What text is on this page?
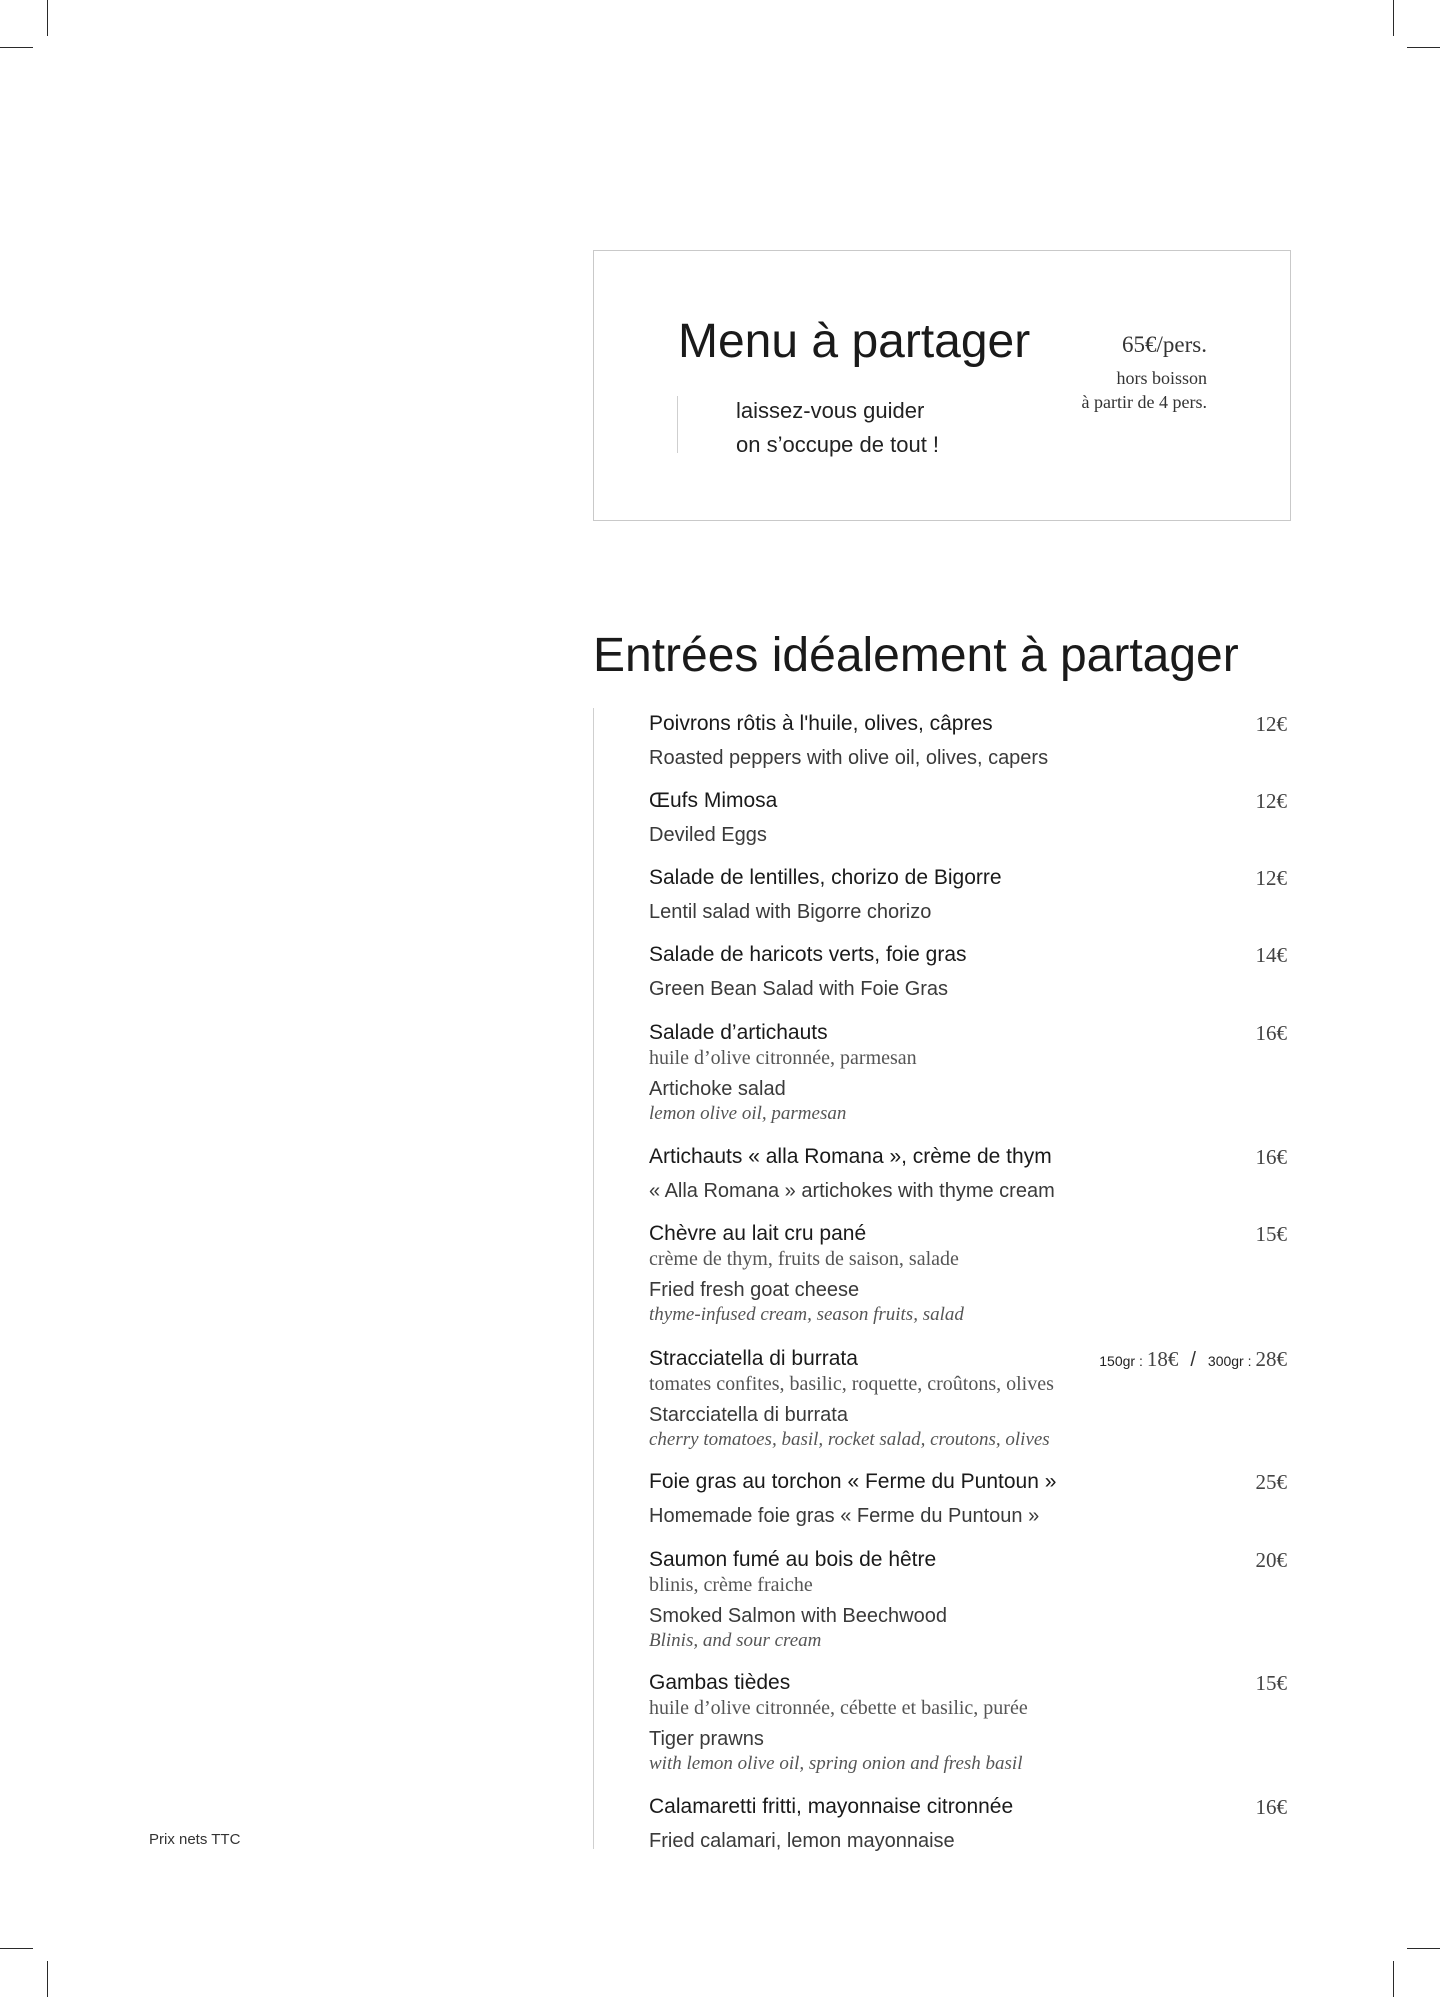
Menu à partager	65€/pers.
hors boisson
à partir de 4 pers.
laissez-vous guider
on s’occupe de tout !
Entrées idéalement à partager
Poivrons rôtis à l'huile, olives, câpres
Roasted peppers with olive oil, olives, capers
12€
Œufs Mimosa
Deviled Eggs
12€
Salade de lentilles, chorizo de Bigorre
Lentil salad with Bigorre chorizo
12€
Salade de haricots verts, foie gras
Green Bean Salad with Foie Gras
14€
Salade d’artichauts
huile d’olive citronnée, parmesan
Artichoke salad
lemon olive oil, parmesan
16€
Artichauts « alla Romana », crème de thym
« Alla Romana » artichokes with thyme cream
16€
Chèvre au lait cru pané
crème de thym, fruits de saison, salade
Fried fresh goat cheese
thyme-infused cream, season fruits, salad
15€
Stracciatella di burrata
tomates confites, basilic, roquette, croûtons, olives
Starcciatella di burrata
cherry tomatoes, basil, rocket salad, croutons, olives
150gr : 18€ / 300gr : 28€
Foie gras au torchon « Ferme du Puntoun »
Homemade foie gras « Ferme du Puntoun »
25€
Saumon fumé au bois de hêtre
blinis, crème fraiche
Smoked Salmon with Beechwood
Blinis, and sour cream
20€
Gambas tièdes
huile d’olive citronnée, cébette et basilic, purée
Tiger prawns
with lemon olive oil, spring onion and fresh basil
15€
Calamaretti fritti, mayonnaise citronnée
Fried calamari, lemon mayonnaise
16€
Prix nets TTC
